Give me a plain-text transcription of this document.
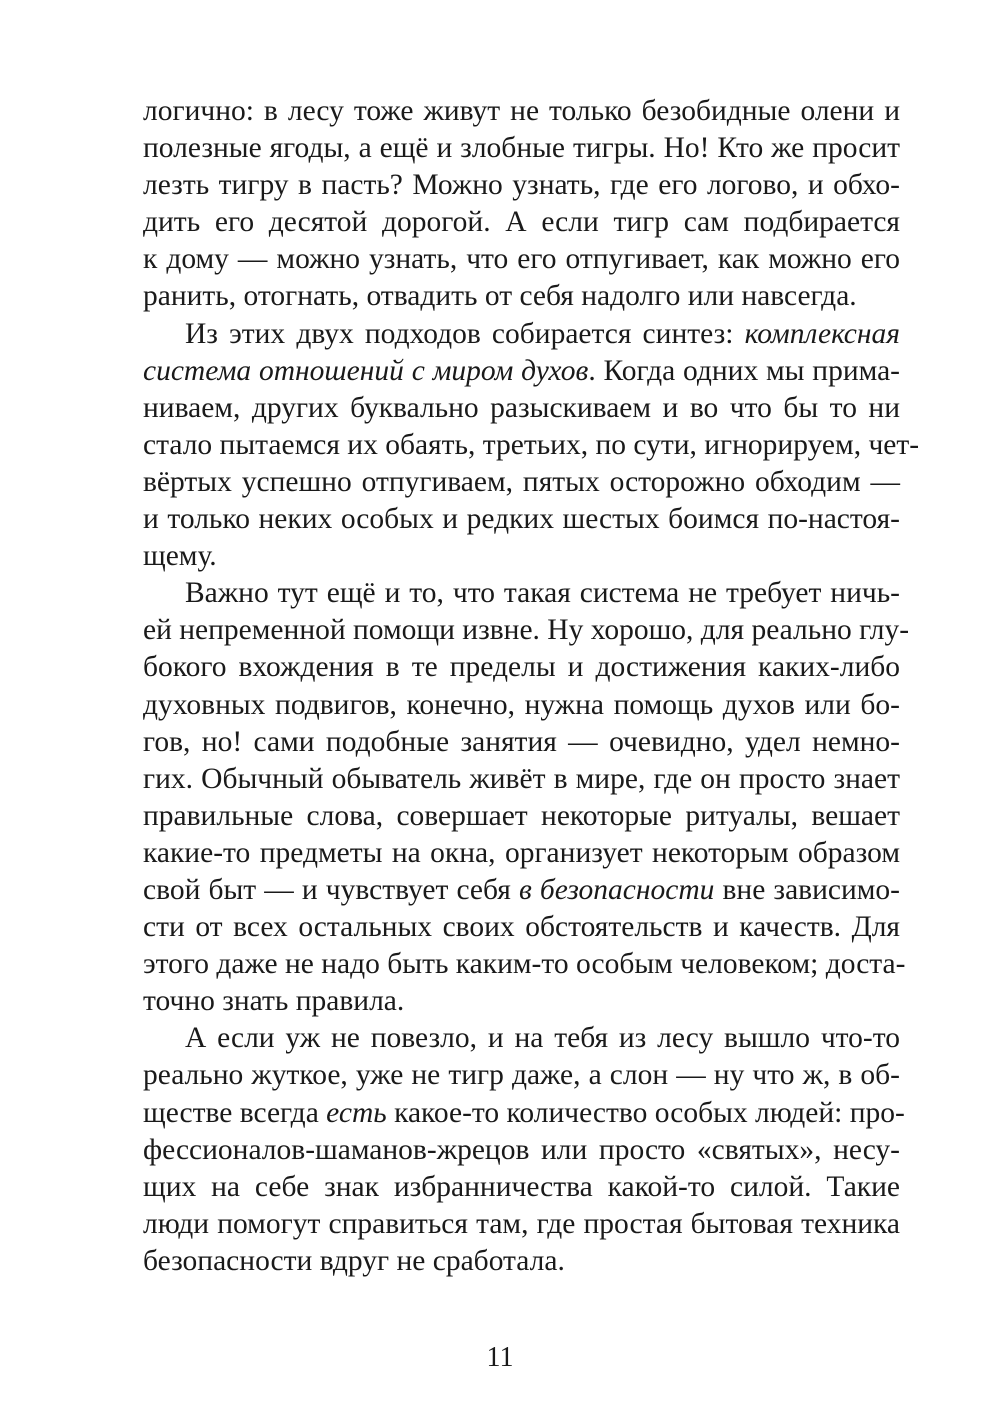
логично: в лесу тоже живут не только безобидные олени и
полезные ягоды, а ещё и злобные тигры. Но! Кто же просит
лезть тигру в пасть? Можно узнать, где его логово, и обхо-
дить его десятой дорогой. А если тигр сам подбирается
к дому — можно узнать, что его отпугивает, как можно его
ранить, отогнать, отвадить от себя надолго или навсегда.
Из этих двух подходов собирается синтез: комплексная
система отношений с миром духов. Когда одних мы прима-
ниваем, других буквально разыскиваем и во что бы то ни
стало пытаемся их обаять, третьих, по сути, игнорируем, чет-
вёртых успешно отпугиваем, пятых осторожно обходим —
и только неких особых и редких шестых боимся по-настоя-
щему.
Важно тут ещё и то, что такая система не требует ничь-
ей непременной помощи извне. Ну хорошо, для реально глу-
бокого вхождения в те пределы и достижения каких-либо
духовных подвигов, конечно, нужна помощь духов или бо-
гов, но! сами подобные занятия — очевидно, удел немно-
гих. Обычный обыватель живёт в мире, где он просто знает
правильные слова, совершает некоторые ритуалы, вешает
какие-то предметы на окна, организует некоторым образом
свой быт — и чувствует себя в безопасности вне зависимо-
сти от всех остальных своих обстоятельств и качеств. Для
этого даже не надо быть каким-то особым человеком; доста-
точно знать правила.
А если уж не повезло, и на тебя из лесу вышло что-то
реально жуткое, уже не тигр даже, а слон — ну что ж, в об-
ществе всегда есть какое-то количество особых людей: про-
фессионалов-шаманов-жрецов или просто «святых», несу-
щих на себе знак избранничества какой-то силой. Такие
люди помогут справиться там, где простая бытовая техника
безопасности вдруг не сработала.
11
